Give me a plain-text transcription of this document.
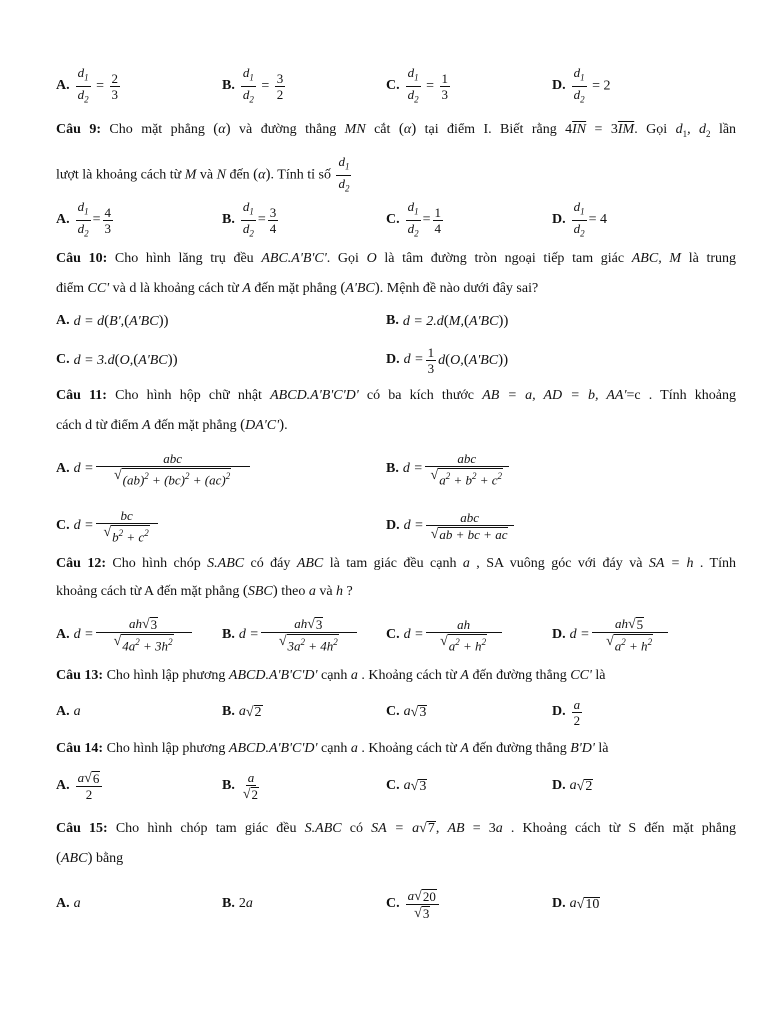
A. $\frac{d_1}{d_2} = \frac{2}{3}$	B. $\frac{d_1}{d_2} = \frac{3}{2}$	C. $\frac{d_1}{d_2} = \frac{1}{3}$	D. $\frac{d_1}{d_2} = 2$
Câu 9: Cho mặt phẳng (α) và đường thẳng MN cắt (α) tại điểm I. Biết rằng $4\overline{IN} = 3\overline{IM}$. Gọi $d_1$, $d_2$ lần
lượt là khoảng cách từ M và N đến (α). Tính tỉ số $\frac{d_1}{d_2}$
A.
$d_1$
$d_2$
= 4
3
B.
$d_1$
$d_2$
= 3
4
C.
$d_1$
$d_2$
= 1
4
D.
$d_1$
$d_2$
= 4
Câu 10: Cho hình lăng trụ đều ABC.A'B'C'. Gọi O là tâm đường tròn ngoại tiếp tam giác ABC, M là trung
điểm CC' và d là khoảng cách từ A đến mặt phẳng (A'BC). Mệnh đề nào dưới đây sai?
A. d = d(B',(A'BC))	B. d = 2.d(M,(A'BC))
C. d = 3.d(O,(A'BC))	D. $d = \frac{1}{3} d(O,(A'BC))$
Câu 11: Cho hình hộp chữ nhật ABCD.A'B'C'D' có ba kích thước AB = a, AD = b, AA'=c . Tính khoảng
cách d từ điểm A đến mặt phẳng (DA'C').
A. d =
abc
√ (ab)$^2$ + (bc)$^2$ + (ac)$^2$	B. d =
abc
√ $a^2 + b^2 + c^2$
C. $d = \frac{bc}{√ b^2 + c^2}$	D. d =
abc
√ ab + bc + ac
Câu 12: Cho hình chóp S.ABC có đáy ABC là tam giác đều cạnh a , SA vuông góc với đáy và SA = h . Tính
khoảng cách từ A đến mặt phẳng (SBC) theo a và h ?
A. $d = \frac{ah √ 3}{√ 4a^2 + 3h^2} B$. $d = \frac{ah √ 3}{√ 3a^2 + 4h^2} C$. $d = \frac{ah}{√ a^2 + h^2}$	D. $d = \frac{ah √ 5}{√ a^2 + h^2}$
Câu 13: Cho hình lập phương ABCD.A'B'C'D' cạnh a . Khoảng cách từ A đến đường thẳng CC' là
A. a	B. a √ 2	C. a √ 3	D. a
2
Câu 14: Cho hình lập phương ABCD.A'B'C'D' cạnh a . Khoảng cách từ A đến đường thẳng B'D' là
A.
a √ 6
2
B.
a
√ 2
C. a √ 3	D. a √ 2
Câu 15: Cho hình chóp tam giác đều S.ABC có SA = a √ 7 , AB = 3a . Khoảng cách từ S đến mặt phẳng
(ABC) bằng
A. a	B. 2 a	C.
a √ 20
√ 3
D. a √ 10
